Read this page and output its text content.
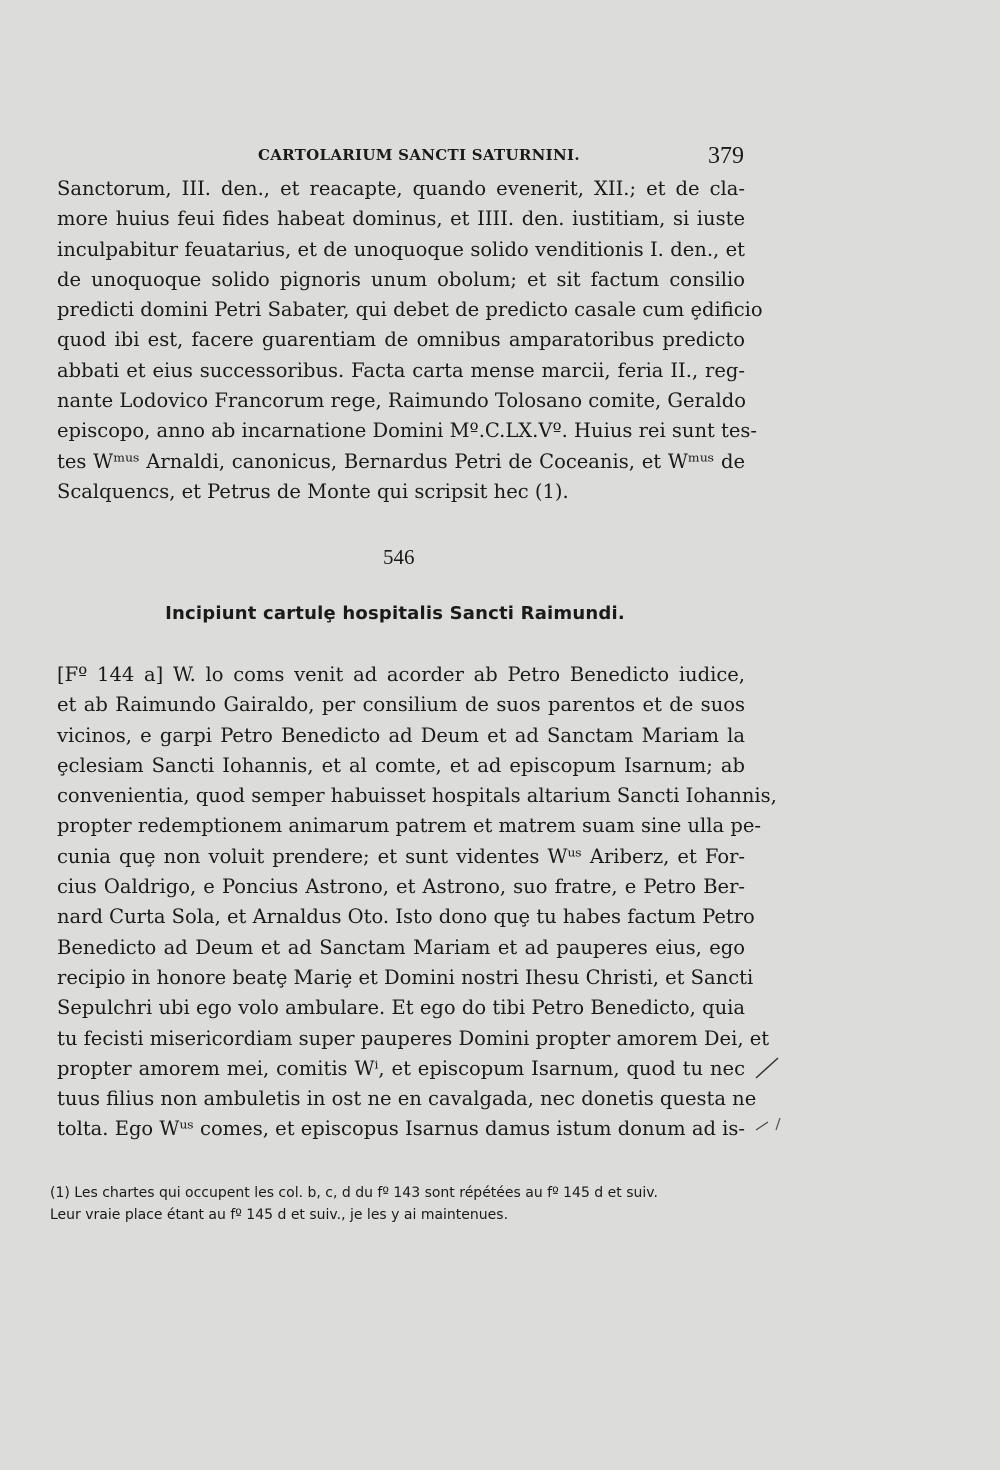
CARTOLARIUM SANCTI SATURNINI.	379
Sanctorum, III. den., et reacapte, quando evenerit, XII.; et de cla-
more huius feui fides habeat dominus, et IIII. den. iustitiam, si iuste
inculpabitur feuatarius, et de unoquoque solido venditionis I. den., et
de unoquoque solido pignoris unum obolum; et sit factum consilio
predicti domini Petri Sabater, qui debet de predicto casale cum ȩdificio
quod ibi est, facere guarentiam de omnibus amparatoribus predicto
abbati et eius successoribus. Facta carta mense marcii, feria II., reg-
nante Lodovico Francorum rege, Raimundo Tolosano comite, Geraldo
episcopo, anno ab incarnatione Domini Mº.C.LX.Vº. Huius rei sunt tes-
tes Wᵐᵘˢ Arnaldi, canonicus, Bernardus Petri de Coceanis, et Wᵐᵘˢ de
Scalquencs, et Petrus de Monte qui scripsit hec (1).
546
Incipiunt cartulȩ hospitalis Sancti Raimundi.
[Fº 144 a] W. lo coms venit ad acorder ab Petro Benedicto iudice,
et ab Raimundo Gairaldo, per consilium de suos parentos et de suos
vicinos, e garpi Petro Benedicto ad Deum et ad Sanctam Mariam la
ȩclesiam Sancti Iohannis, et al comte, et ad episcopum Isarnum; ab
convenientia, quod semper habuisset hospitals altarium Sancti Iohannis,
propter redemptionem animarum patrem et matrem suam sine ulla pe-
cunia quȩ non voluit prendere; et sunt videntes Wᵘˢ Ariberz, et For-
cius Oaldrigo, e Poncius Astrono, et Astrono, suo fratre, e Petro Ber-
nard Curta Sola, et Arnaldus Oto. Isto dono quȩ tu habes factum Petro
Benedicto ad Deum et ad Sanctam Mariam et ad pauperes eius, ego
recipio in honore beatȩ Mariȩ et Domini nostri Ihesu Christi, et Sancti
Sepulchri ubi ego volo ambulare. Et ego do tibi Petro Benedicto, quia
tu fecisti misericordiam super pauperes Domini propter amorem Dei, et
propter amorem mei, comitis Wⁱ, et episcopum Isarnum, quod tu nec
tuus filius non ambuletis in ost ne en cavalgada, nec donetis questa ne
tolta. Ego Wᵘˢ comes, et episcopus Isarnus damus istum donum ad is-
(1) Les chartes qui occupent les col. b, c, d du fº 143 sont répétées au fº 145 d et suiv.
Leur vraie place étant au fº 145 d et suiv., je les y ai maintenues.
